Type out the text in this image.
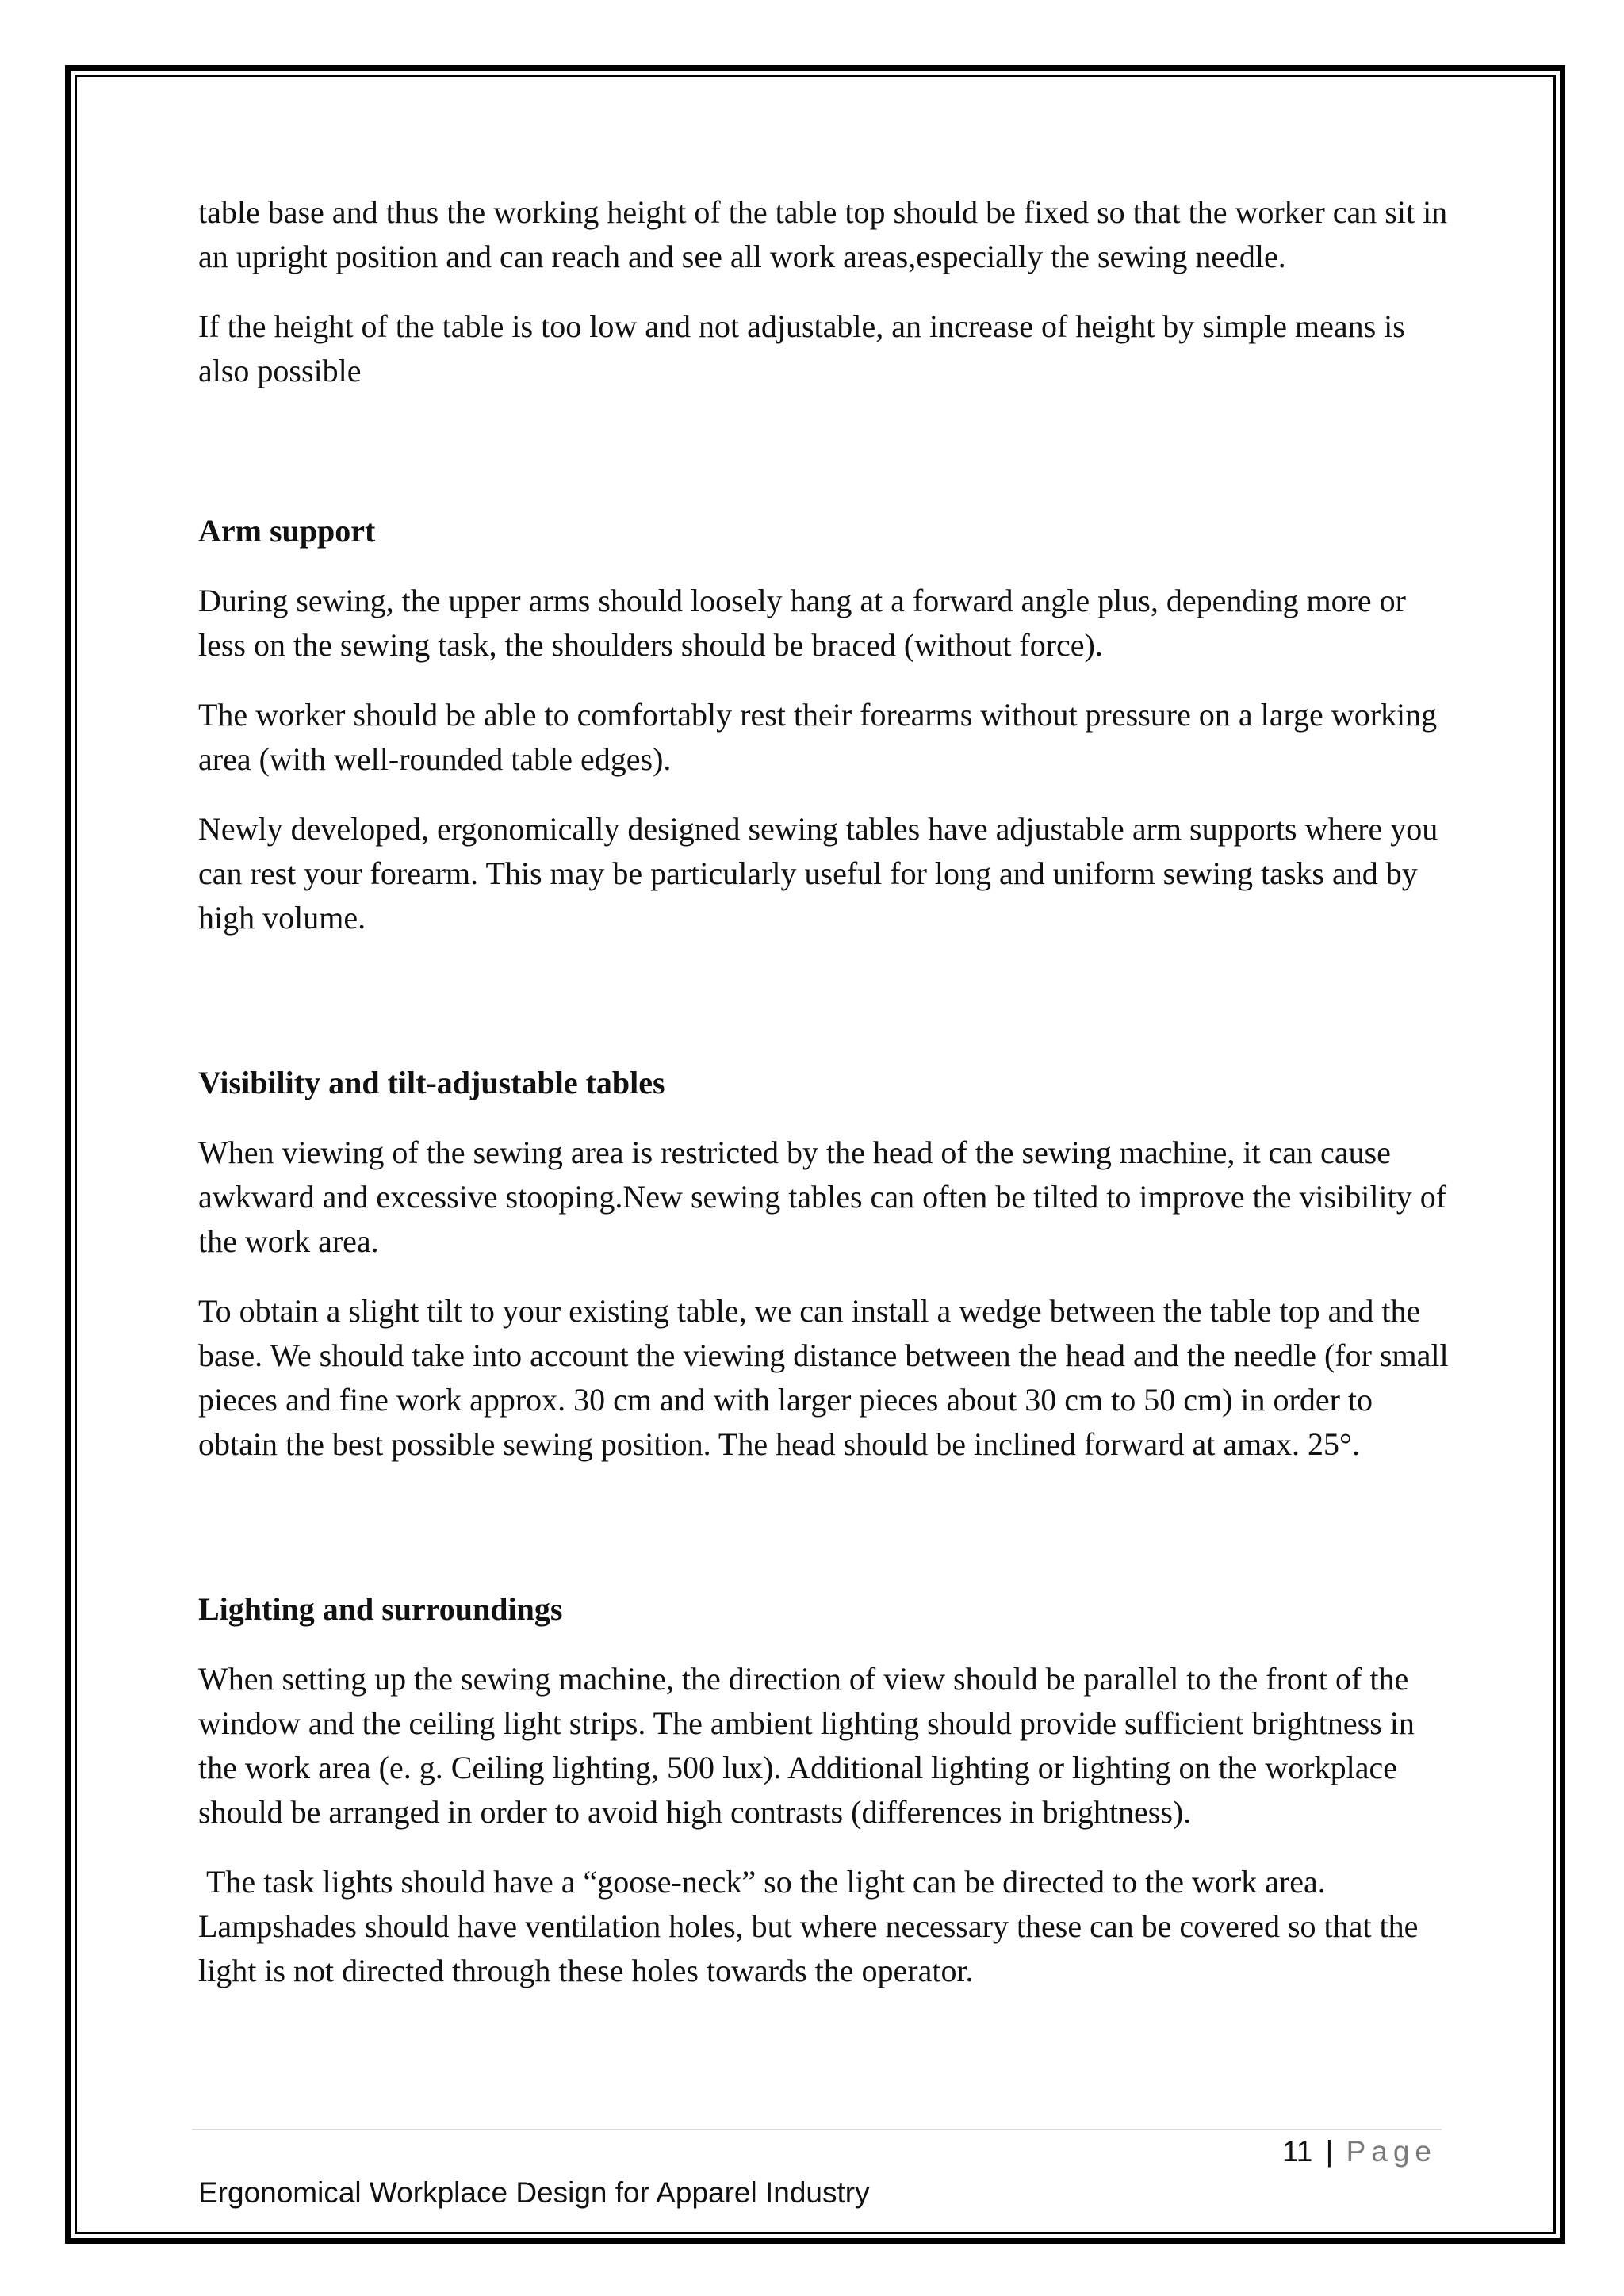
table base and thus the working height of the table top should be fixed so that the worker can sit in an upright position and can reach and see all work areas,especially the sewing needle.

If the height of the table is too low and not adjustable, an increase of height by simple means is also possible

Arm support

During sewing, the upper arms should loosely hang at a forward angle plus, depending more or less on the sewing task, the shoulders should be braced (without force).

The worker should be able to comfortably rest their forearms without pressure on a large working area (with well-rounded table edges).

Newly developed, ergonomically designed sewing tables have adjustable arm supports where you can rest your forearm. This may be particularly useful for long and uniform sewing tasks and by high volume.

Visibility and tilt-adjustable tables

When viewing of the sewing area is restricted by the head of the sewing machine, it can cause awkward and excessive stooping.New sewing tables can often be tilted to improve the visibility of the work area.

To obtain a slight tilt to your existing table, we can install a wedge between the table top and the base. We should take into account the viewing distance between the head and the needle (for small pieces and fine work approx. 30 cm and with larger pieces about 30 cm to 50 cm) in order to obtain the best possible sewing position. The head should be inclined forward at amax. 25°.

Lighting and surroundings

When setting up the sewing machine, the direction of view should be parallel to the front of the window and the ceiling light strips. The ambient lighting should provide sufficient brightness in the work area (e. g. Ceiling lighting, 500 lux). Additional lighting or lighting on the workplace should be arranged in order to avoid high contrasts (differences in brightness).

The task lights should have a “goose-neck” so the light can be directed to the work area. Lampshades should have ventilation holes, but where necessary these can be covered so that the light is not directed through these holes towards the operator.

11 | Page
Ergonomical Workplace Design for Apparel Industry
